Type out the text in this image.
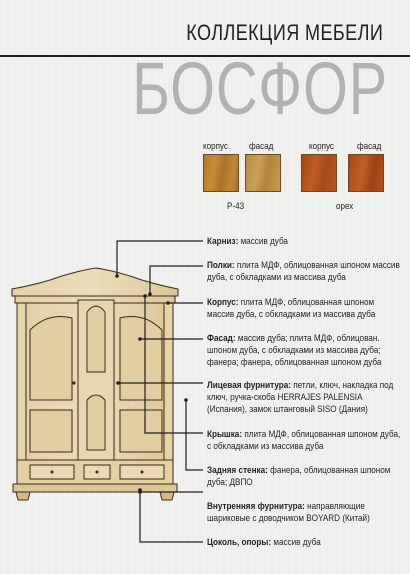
КОЛЛЕКЦИЯ МЕБЕЛИ
БОСФОР
корпус фасад	корпус фасад
P-43	орех
Карниз: массив дуба
Полки: плита МДФ, облицованная шпоном массив дуба, с обкладками из массива дуба
Корпус: плита МДФ, облицованная шпоном массив дуба, с обкладками из массива дуба
Фасад: массив дуба; плита МДФ, облицован. шпоном дуба, с обкладками из массива дуба; фанера; фанера, облицованная шпоном дуба
Лицевая фурнитура: петли, ключ, накладка под ключ, ручка-скоба HERRAJES PALENSIA (Испания), замок штанговый SISO (Дания)
Крышка: плита МДФ, облицованная шпоном дуба, с обкладками из массива дуба
Задняя стенка: фанера, облицованная шпоном дуба; ДВПО
Внутренняя фурнитура: направляющие шариковые с доводчиком BOYARD (Китай)
Цоколь, опоры: массив дуба
